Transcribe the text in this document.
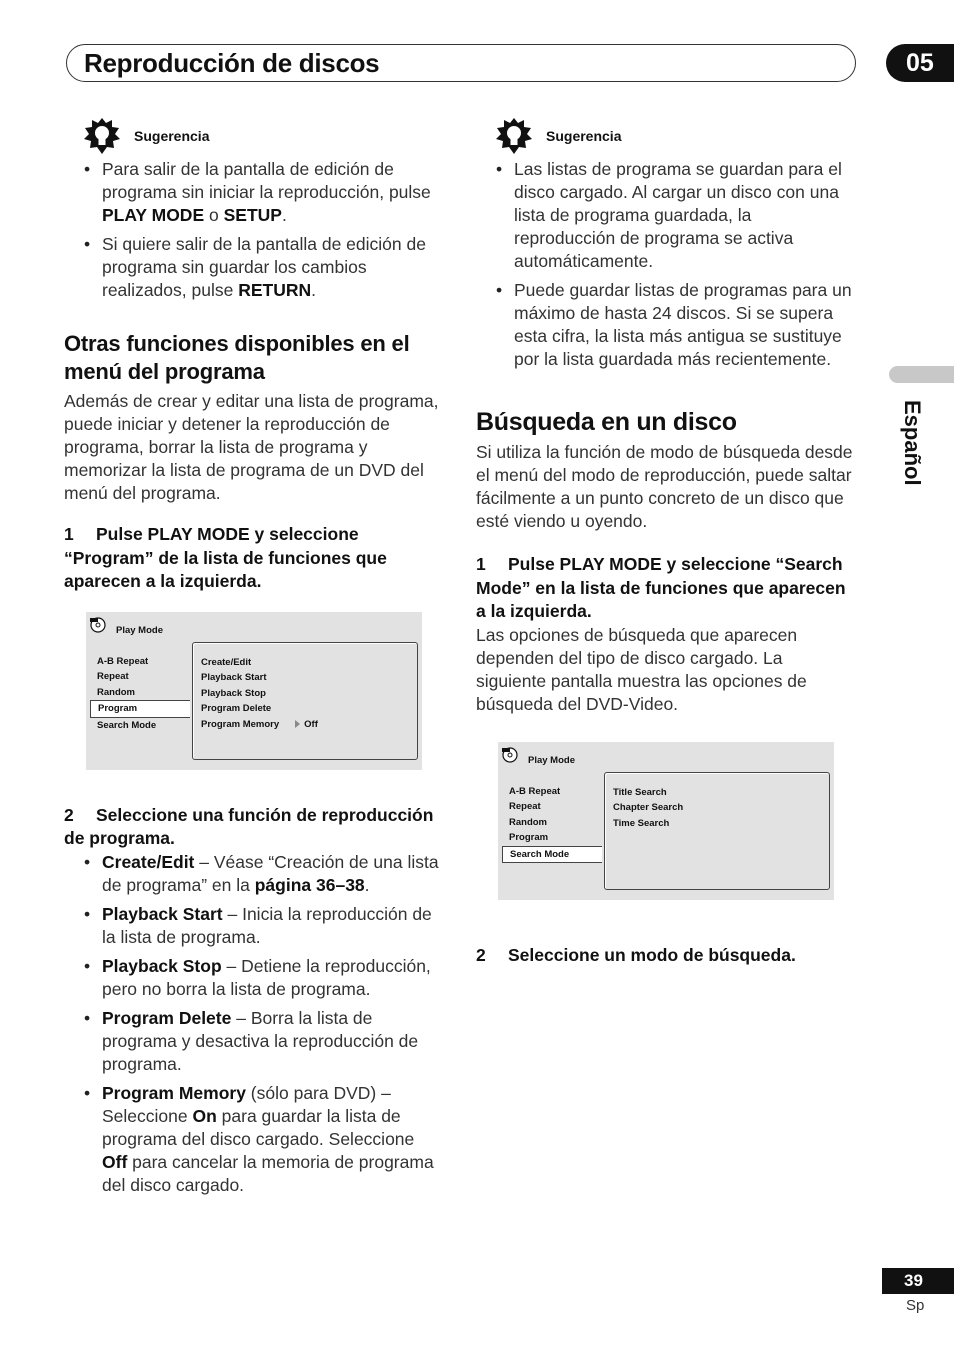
Reproducción de discos	05
Español
Sugerencia
• Para salir de la pantalla de edición de programa sin iniciar la reproducción, pulse PLAY MODE o SETUP.
• Si quiere salir de la pantalla de edición de programa sin guardar los cambios realizados, pulse RETURN.
Otras funciones disponibles en el menú del programa

Además de crear y editar una lista de programa, puede iniciar y detener la reproducción de programa, borrar la lista de programa y memorizar la lista de programa de un DVD del menú del programa.

1 Pulse PLAY MODE y seleccione “Program” de la lista de funciones que aparecen a la izquierda.
Play Mode
A-B Repeat
Repeat
Random
Program
Search Mode
Create/Edit
Playback Start
Playback Stop
Program Delete
Program Memory	Off
2 Seleccione una función de reproducción de programa.
• Create/Edit – Véase “Creación de una lista de programa” en la página 36–38.
• Playback Start – Inicia la reproducción de la lista de programa.
• Playback Stop – Detiene la reproducción, pero no borra la lista de programa.
• Program Delete – Borra la lista de programa y desactiva la reproducción de programa.
• Program Memory (sólo para DVD) – Seleccione On para guardar la lista de programa del disco cargado. Seleccione Off para cancelar la memoria de programa del disco cargado.
Sugerencia
• Las listas de programa se guardan para el disco cargado. Al cargar un disco con una lista de programa guardada, la reproducción de programa se activa automáticamente.
• Puede guardar listas de programas para un máximo de hasta 24 discos. Si se supera esta cifra, la lista más antigua se sustituye por la lista guardada más recientemente.
Búsqueda en un disco

Si utiliza la función de modo de búsqueda desde el menú del modo de reproducción, puede saltar fácilmente a un punto concreto de un disco que esté viendo u oyendo.

1 Pulse PLAY MODE y seleccione “Search Mode” en la lista de funciones que aparecen a la izquierda.

Las opciones de búsqueda que aparecen dependen del tipo de disco cargado. La siguiente pantalla muestra las opciones de búsqueda del DVD-Video.

Play Mode
A-B Repeat
Repeat
Random
Program
Search Mode
Title Search
Chapter Search
Time Search
2 Seleccione un modo de búsqueda.
39
Sp
